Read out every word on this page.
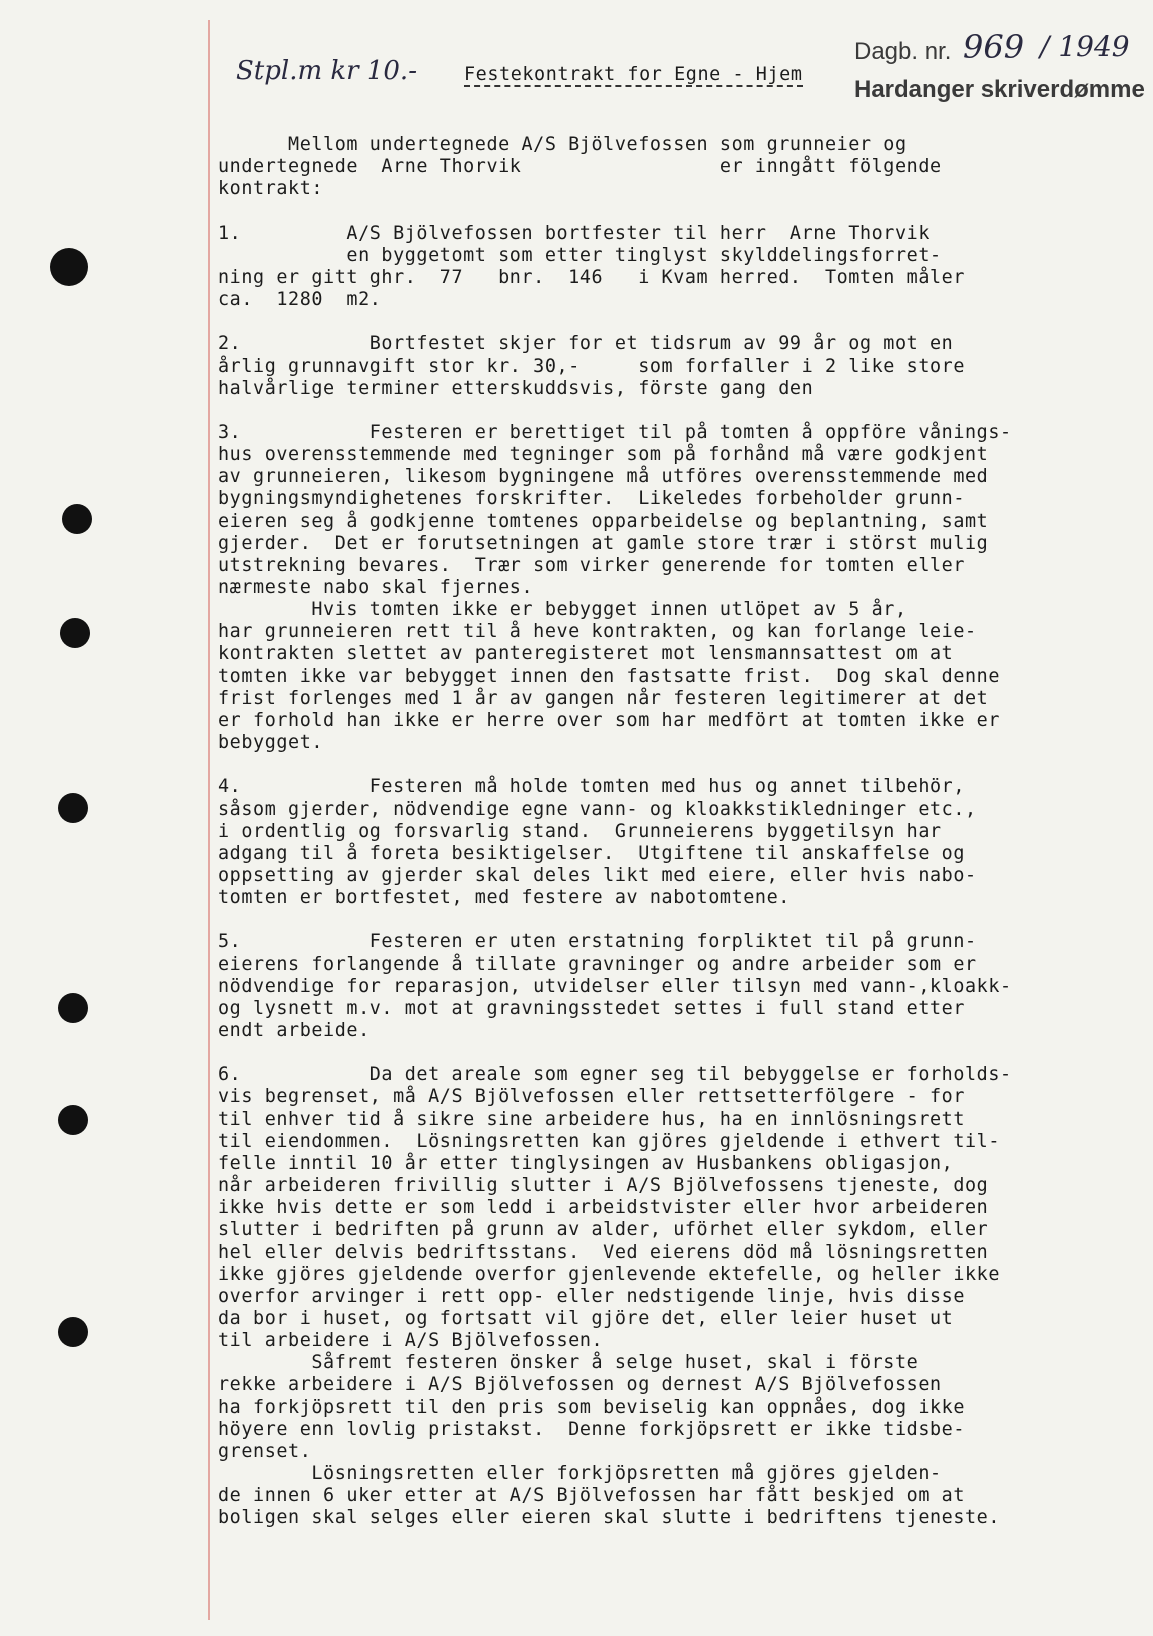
Stpl.m kr 10.-	Festekontrakt for Egne - Hjem
Dagb. nr. 969 / 1949
Hardanger skriverdømme
Mellom undertegnede A/S Bjölvefossen som grunneier og
undertegnede  Arne Thorvik                 er inngått fölgende
kontrakt:
1.         A/S Bjölvefossen bortfester til herr  Arne Thorvik
en byggetomt som etter tinglyst skylddelingsforret-
ning er gitt ghr.  77   bnr.  146   i Kvam herred.  Tomten måler
ca.  1280  m2.
2.           Bortfestet skjer for et tidsrum av 99 år og mot en
årlig grunnavgift stor kr. 30,-     som forfaller i 2 like store
halvårlige terminer etterskuddsvis, förste gang den
3.           Festeren er berettiget til på tomten å oppföre vånings-
hus overensstemmende med tegninger som på forhånd må være godkjent
av grunneieren, likesom bygningene må utföres overensstemmende med
bygningsmyndighetenes forskrifter.  Likeledes forbeholder grunn-
eieren seg å godkjenne tomtenes opparbeidelse og beplantning, samt
gjerder.  Det er forutsetningen at gamle store trær i störst mulig
utstrekning bevares.  Trær som virker generende for tomten eller
nærmeste nabo skal fjernes.
Hvis tomten ikke er bebygget innen utlöpet av 5 år,
har grunneieren rett til å heve kontrakten, og kan forlange leie-
kontrakten slettet av panteregisteret mot lensmannsattest om at
tomten ikke var bebygget innen den fastsatte frist.  Dog skal denne
frist forlenges med 1 år av gangen når festeren legitimerer at det
er forhold han ikke er herre over som har medfört at tomten ikke er
bebygget.
4.           Festeren må holde tomten med hus og annet tilbehör,
såsom gjerder, nödvendige egne vann- og kloakkstikledninger etc.,
i ordentlig og forsvarlig stand.  Grunneierens byggetilsyn har
adgang til å foreta besiktigelser.  Utgiftene til anskaffelse og
oppsetting av gjerder skal deles likt med eiere, eller hvis nabo-
tomten er bortfestet, med festere av nabotomtene.
5.           Festeren er uten erstatning forpliktet til på grunn-
eierens forlangende å tillate gravninger og andre arbeider som er
nödvendige for reparasjon, utvidelser eller tilsyn med vann-,kloakk-
og lysnett m.v. mot at gravningsstedet settes i full stand etter
endt arbeide.
6.           Da det areale som egner seg til bebyggelse er forholds-
vis begrenset, må A/S Bjölvefossen eller rettsetterfölgere - for
til enhver tid å sikre sine arbeidere hus, ha en innlösningsrett
til eiendommen.  Lösningsretten kan gjöres gjeldende i ethvert til-
felle inntil 10 år etter tinglysingen av Husbankens obligasjon,
når arbeideren frivillig slutter i A/S Bjölvefossens tjeneste, dog
ikke hvis dette er som ledd i arbeidstvister eller hvor arbeideren
slutter i bedriften på grunn av alder, uförhet eller sykdom, eller
hel eller delvis bedriftsstans.  Ved eierens död må lösningsretten
ikke gjöres gjeldende overfor gjenlevende ektefelle, og heller ikke
overfor arvinger i rett opp- eller nedstigende linje, hvis disse
da bor i huset, og fortsatt vil gjöre det, eller leier huset ut
til arbeidere i A/S Bjölvefossen.
Såfremt festeren önsker å selge huset, skal i förste
rekke arbeidere i A/S Bjölvefossen og dernest A/S Bjölvefossen
ha forkjöpsrett til den pris som beviselig kan oppnåes, dog ikke
höyere enn lovlig pristakst.  Denne forkjöpsrett er ikke tidsbe-
grenset.
Lösningsretten eller forkjöpsretten må gjöres gjelden-
de innen 6 uker etter at A/S Bjölvefossen har fått beskjed om at
boligen skal selges eller eieren skal slutte i bedriftens tjeneste.
